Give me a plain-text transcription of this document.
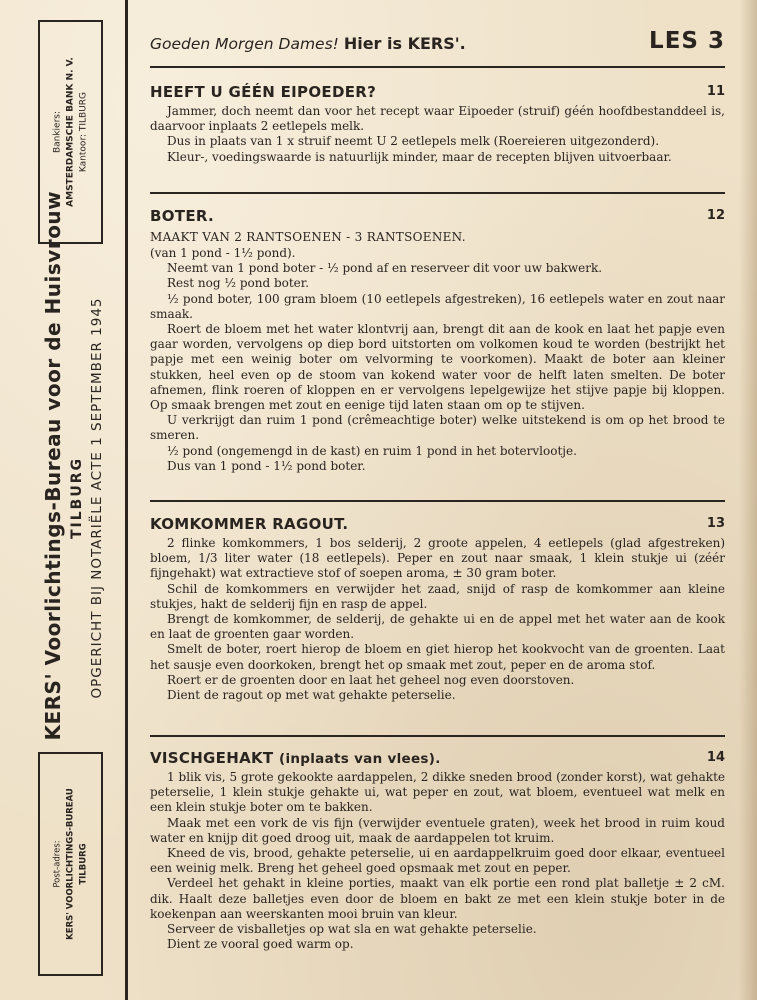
Bankiers: AMSTERDAMSCHE BANK N. V. Kantoor: TILBURG
KERS' Voorlichtings-Bureau voor de Huisvrouw TILBURG OPGERICHT BIJ NOTARIËLE ACTE 1 SEPTEMBER 1945
Post-adres: KERS' VOORLICHTINGS-BUREAU TILBURG
Goeden Morgen Dames! Hier is KERS'.	LES 3
HEEFT U GÉÉN EIPOEDER?	11

Jammer, doch neemt dan voor het recept waar Eipoeder (struif) géén hoofdbestanddeel is, daarvoor inplaats 2 eetlepels melk.

Dus in plaats van 1 x struif neemt U 2 eetlepels melk (Roereieren uitgezonderd).

Kleur-, voedingswaarde is natuurlijk minder, maar de recepten blijven uitvoerbaar.

BOTER.	12
MAAKT VAN 2 RANTSOENEN - 3 RANTSOENEN.

(van 1 pond - 1½ pond).

Neemt van 1 pond boter - ½ pond af en reserveer dit voor uw bakwerk.

Rest nog ½ pond boter.

½ pond boter, 100 gram bloem (10 eetlepels afgestreken), 16 eetlepels water en zout naar smaak.

Roert de bloem met het water klontvrij aan, brengt dit aan de kook en laat het papje even gaar worden, vervolgens op diep bord uitstorten om volkomen koud te worden (bestrijkt het papje met een weinig boter om velvorming te voorkomen). Maakt de boter aan kleiner stukken, heel even op de stoom van kokend water voor de helft laten smelten. De boter afnemen, flink roeren of kloppen en er vervolgens lepelgewijze het stijve papje bij kloppen. Op smaak brengen met zout en eenige tijd laten staan om op te stijven.

U verkrijgt dan ruim 1 pond (crêmeachtige boter) welke uitstekend is om op het brood te smeren.

½ pond (ongemengd in de kast) en ruim 1 pond in het botervlootje.

Dus van 1 pond - 1½ pond boter.

KOMKOMMER RAGOUT.	13

2 flinke komkommers, 1 bos selderij, 2 groote appelen, 4 eetlepels (glad afgestreken) bloem, 1/3 liter water (18 eetlepels). Peper en zout naar smaak, 1 klein stukje ui (zéér fijngehakt) wat extractieve stof of soepen aroma, ± 30 gram boter.

Schil de komkommers en verwijder het zaad, snijd of rasp de komkommer aan kleine stukjes, hakt de selderij fijn en rasp de appel.

Brengt de komkommer, de selderij, de gehakte ui en de appel met het water aan de kook en laat de groenten gaar worden.

Smelt de boter, roert hierop de bloem en giet hierop het kookvocht van de groenten. Laat het sausje even doorkoken, brengt het op smaak met zout, peper en de aroma stof.

Roert er de groenten door en laat het geheel nog even doorstoven.

Dient de ragout op met wat gehakte peterselie.

VISCHGEHAKT (inplaats van vlees).	14

1 blik vis, 5 grote gekookte aardappelen, 2 dikke sneden brood (zonder korst), wat gehakte peterselie, 1 klein stukje gehakte ui, wat peper en zout, wat bloem, eventueel wat melk en een klein stukje boter om te bakken.

Maak met een vork de vis fijn (verwijder eventuele graten), week het brood in ruim koud water en knijp dit goed droog uit, maak de aardappelen tot kruim.

Kneed de vis, brood, gehakte peterselie, ui en aardappelkruim goed door elkaar, eventueel een weinig melk. Breng het geheel goed opsmaak met zout en peper.

Verdeel het gehakt in kleine porties, maakt van elk portie een rond plat balletje ± 2 cM. dik. Haalt deze balletjes even door de bloem en bakt ze met een klein stukje boter in de koekenpan aan weerskanten mooi bruin van kleur.

Serveer de visballetjes op wat sla en wat gehakte peterselie.

Dient ze vooral goed warm op.
